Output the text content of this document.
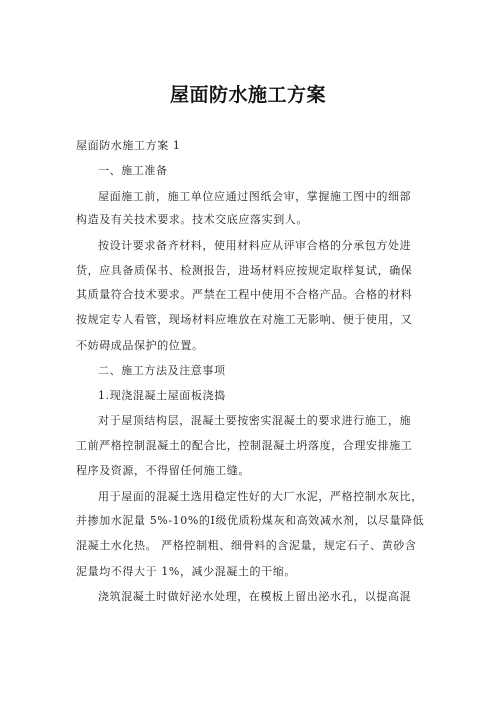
屋面防水施工方案
屋面防水施工方案 1
一、施工准备
屋面施工前，施工单位应通过图纸会审，掌握施工图中的细部
构造及有关技术要求。技术交底应落实到人。
按设计要求备齐材料，使用材料应从评审合格的分承包方处进
货，应具备质保书、检测报告，进场材料应按规定取样复试，确保
其质量符合技术要求。严禁在工程中使用不合格产品。合格的材料
按规定专人看管，现场材料应堆放在对施工无影响、便于使用，又
不妨碍成品保护的位置。
二、施工方法及注意事项
1.现浇混凝土屋面板浇捣
对于屋顶结构层，混凝土要按密实混凝土的要求进行施工，施
工前严格控制混凝土的配合比，控制混凝土坍落度，合理安排施工
程序及资源，不得留任何施工缝。
用于屋面的混凝土选用稳定性好的大厂水泥，严格控制水灰比，
并掺加水泥量 5%-10%的Ⅰ级优质粉煤灰和高效减水剂，以尽量降低
混凝土水化热。 严格控制粗、细骨料的含泥量，规定石子、黄砂含
泥量均不得大于 1%，减少混凝土的干缩。
浇筑混凝土时做好泌水处理，在模板上留出泌水孔，以提高混
